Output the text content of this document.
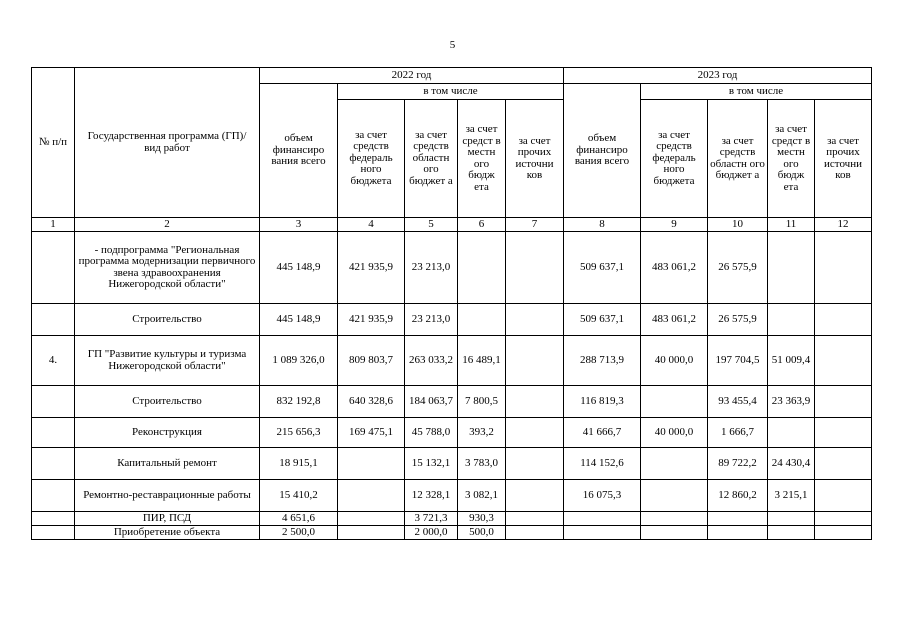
5
№ п/п	Государственная программа (ГП)/ вид работ	2022 год					2023 год				
		объем финансиро вания всего	в том числе				объем финансиро вания всего	в том числе			
			за счет средств федераль ного бюджета	за счет средств областн ого бюджет а	за счет средст в местн ого бюдж ета	за счет прочих источни ков		за счет средств федераль ного бюджета	за счет средств областн ого бюджет а	за счет средст в местн ого бюдж ета	за счет прочих источни ков
1	2	3	4	5	6	7	8	9	10	11	12
	- подпрограмма "Региональная программа модернизации первичного звена здравоохранения Нижегородской области"	445 148,9	421 935,9	23 213,0			509 637,1	483 061,2	26 575,9		
	Строительство	445 148,9	421 935,9	23 213,0			509 637,1	483 061,2	26 575,9		
4.	ГП "Развитие культуры и туризма Нижегородской области"	1 089 326,0	809 803,7	263 033,2	16 489,1		288 713,9	40 000,0	197 704,5	51 009,4	
	Строительство	832 192,8	640 328,6	184 063,7	7 800,5		116 819,3		93 455,4	23 363,9	
	Реконструкция	215 656,3	169 475,1	45 788,0	393,2		41 666,7	40 000,0	1 666,7		
	Капитальный ремонт	18 915,1		15 132,1	3 783,0		114 152,6		89 722,2	24 430,4	
	Ремонтно-реставрационные работы	15 410,2		12 328,1	3 082,1		16 075,3		12 860,2	3 215,1	
	ПИР, ПСД	4 651,6		3 721,3	930,3						
	Приобретение объекта	2 500,0		2 000,0	500,0						
